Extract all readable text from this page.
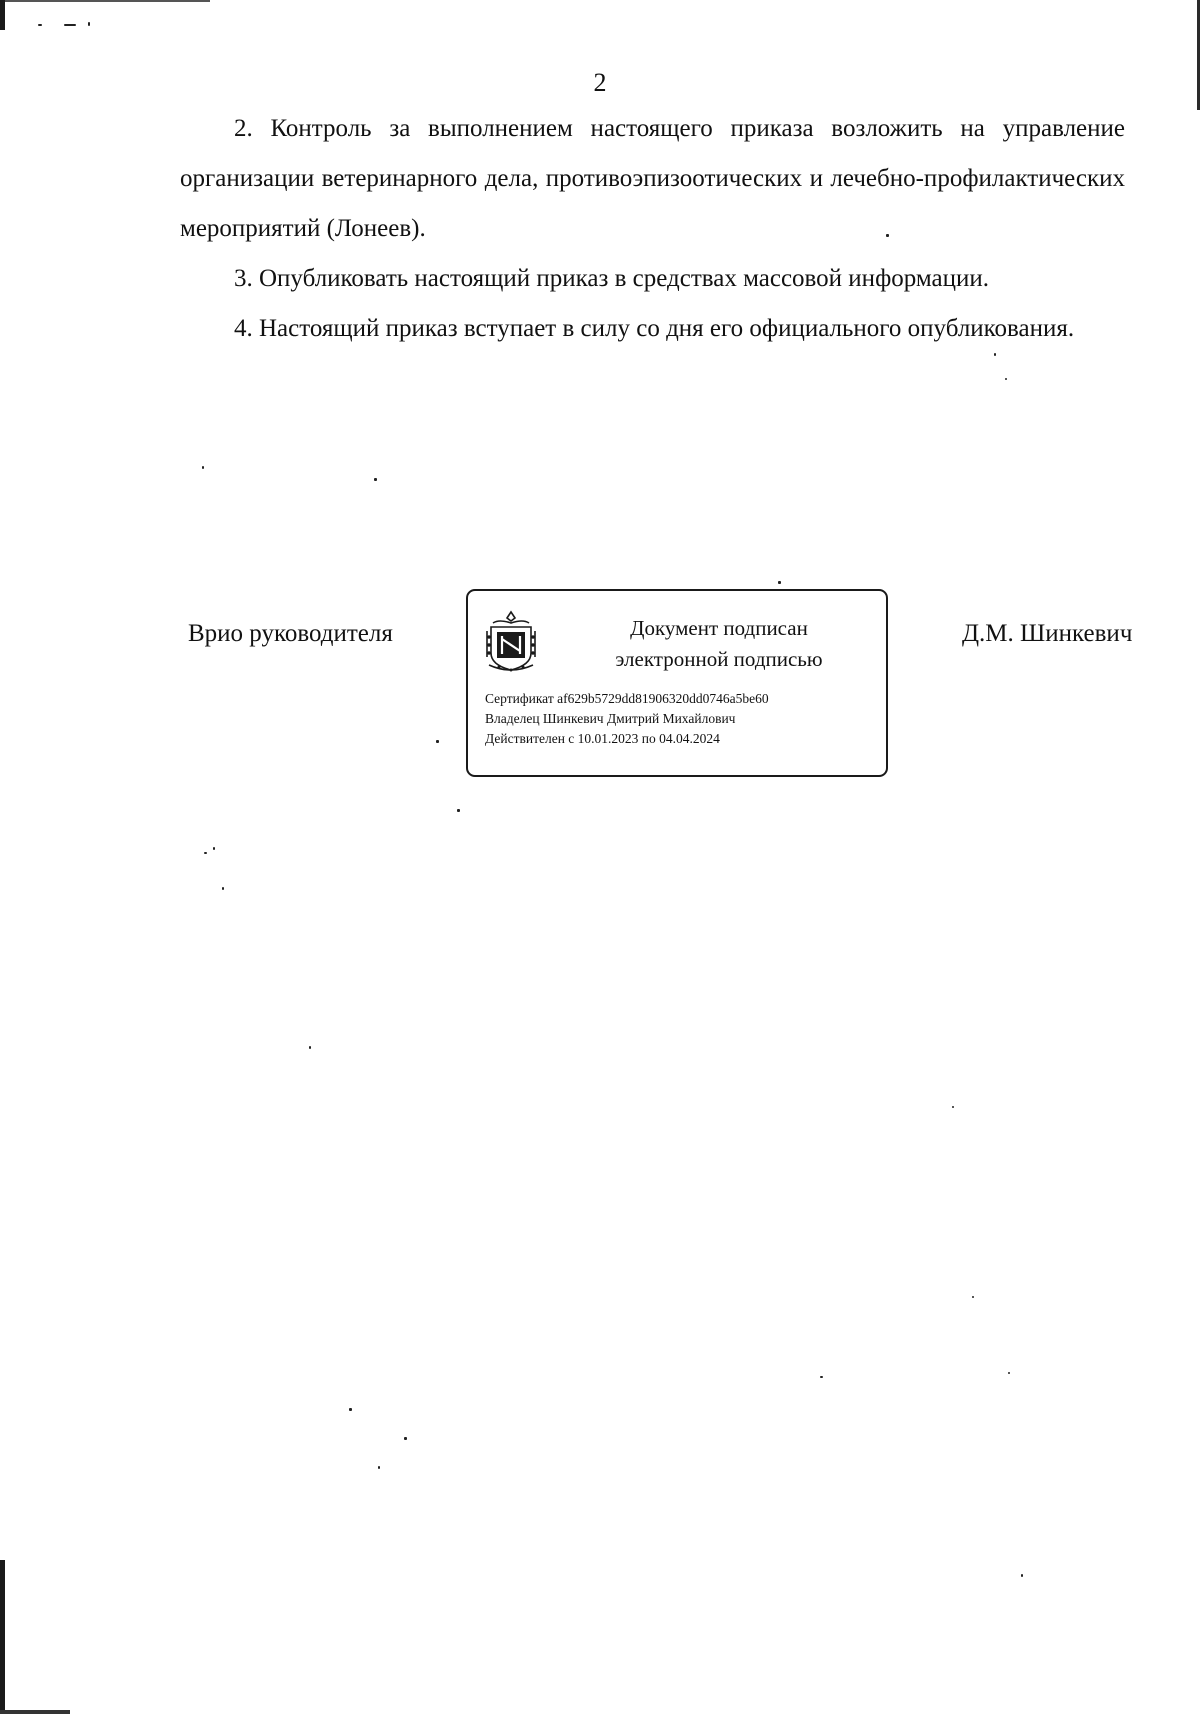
2

2. Контроль за выполнением настоящего приказа возложить на управление организации ветеринарного дела, противоэпизоотических и лечебно-профилактических мероприятий (Лонеев).

3. Опубликовать настоящий приказ в средствах массовой информации.

4. Настоящий приказ вступает в силу со дня его официального опубликования.

Врио руководителя	Документ подписан
электронной подписью
Сертификат af629b5729dd81906320dd0746a5be60
Владелец Шинкевич Дмитрий Михайлович
Действителен с 10.01.2023 по 04.04.2024
Д.М. Шинкевич
